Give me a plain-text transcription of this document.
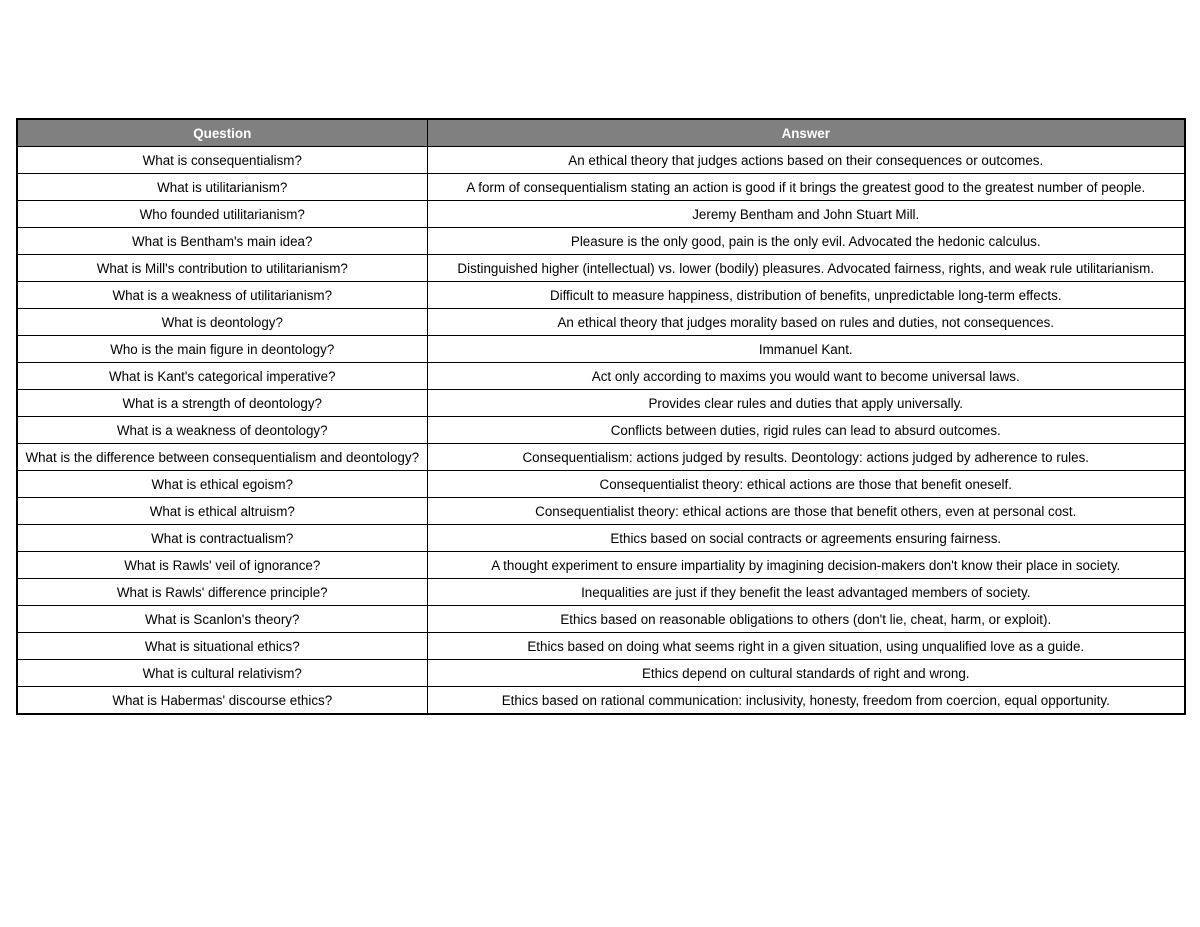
Question	Answer
What is consequentialism?	An ethical theory that judges actions based on their consequences or outcomes.
What is utilitarianism?	A form of consequentialism stating an action is good if it brings the greatest good to the greatest number of people.
Who founded utilitarianism?	Jeremy Bentham and John Stuart Mill.
What is Bentham's main idea?	Pleasure is the only good, pain is the only evil. Advocated the hedonic calculus.
What is Mill's contribution to utilitarianism?	Distinguished higher (intellectual) vs. lower (bodily) pleasures. Advocated fairness, rights, and weak rule utilitarianism.
What is a weakness of utilitarianism?	Difficult to measure happiness, distribution of benefits, unpredictable long-term effects.
What is deontology?	An ethical theory that judges morality based on rules and duties, not consequences.
Who is the main figure in deontology?	Immanuel Kant.
What is Kant's categorical imperative?	Act only according to maxims you would want to become universal laws.
What is a strength of deontology?	Provides clear rules and duties that apply universally.
What is a weakness of deontology?	Conflicts between duties, rigid rules can lead to absurd outcomes.
What is the difference between consequentialism and deontology?	Consequentialism: actions judged by results. Deontology: actions judged by adherence to rules.
What is ethical egoism?	Consequentialist theory: ethical actions are those that benefit oneself.
What is ethical altruism?	Consequentialist theory: ethical actions are those that benefit others, even at personal cost.
What is contractualism?	Ethics based on social contracts or agreements ensuring fairness.
What is Rawls' veil of ignorance?	A thought experiment to ensure impartiality by imagining decision-makers don't know their place in society.
What is Rawls' difference principle?	Inequalities are just if they benefit the least advantaged members of society.
What is Scanlon's theory?	Ethics based on reasonable obligations to others (don't lie, cheat, harm, or exploit).
What is situational ethics?	Ethics based on doing what seems right in a given situation, using unqualified love as a guide.
What is cultural relativism?	Ethics depend on cultural standards of right and wrong.
What is Habermas' discourse ethics?	Ethics based on rational communication: inclusivity, honesty, freedom from coercion, equal opportunity.
